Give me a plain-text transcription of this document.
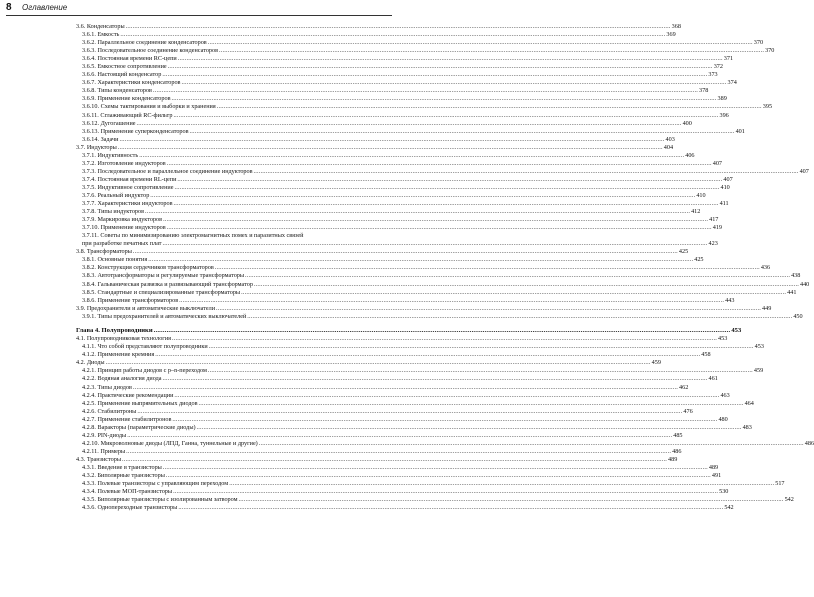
8 Оглавление
3.6. Конденсаторы .....	368
3.6.1. Емкость .....	369
3.6.2. Параллельное соединение конденсаторов .....	370
3.6.3. Последовательное соединение конденсаторов .....	370
3.6.4. Постоянная времени RC-цепи .....	371
3.6.5. Емкостное сопротивление .....	372
3.6.6. Настоящий конденсатор .....	373
3.6.7. Характеристики конденсаторов .....	374
3.6.8. Типы конденсаторов .....	378
3.6.9. Применение конденсаторов .....	389
3.6.10. Схемы тактирования и выборки и хранения .....	395
3.6.11. Сглаживающий RC-фильтр .....	396
3.6.12. Дугогашение .....	400
3.6.13. Применение суперконденсаторов .....	401
3.6.14. Задачи .....	403
3.7. Индукторы .....	404
3.7.1. Индуктивность .....	406
3.7.2. Изготовление индукторов .....	407
3.7.3. Последовательное и параллельное соединение индукторов .....	407
3.7.4. Постоянная времени RL-цепи .....	407
3.7.5. Индуктивное сопротивление .....	410
3.7.6. Реальный индуктор .....	410
3.7.7. Характеристики индукторов .....	411
3.7.8. Типы индукторов .....	412
3.7.9. Маркировка индукторов .....	417
3.7.10. Применение индукторов .....	419
3.7.11. Советы по минимизированию электромагнитных помех и паразитных связей
при разработке печатных плат .....	423
3.8. Трансформаторы .....	425
3.8.1. Основные понятия .....	425
3.8.2. Конструкция сердечников трансформаторов .....	436
3.8.3. Автотрансформаторы и регулируемые трансформаторы .....	438
3.8.4. Гальваническая развязка и развязывающий трансформатор .....	440
3.8.5. Стандартные и специализированные трансформаторы .....	441
3.8.6. Применение трансформаторов .....	443
3.9. Предохранители и автоматические выключатели .....	449
3.9.1. Типы предохранителей и автоматических выключателей .....	450
Глава 4. Полупроводники .....	453
4.1. Полупроводниковая технология .....	453
4.1.1. Что собой представляют полупроводники .....	453
4.1.2. Применение кремния .....	458
4.2. Диоды .....	459
4.2.1. Принцип работы диодов с p–n-переходом .....	459
4.2.2. Водяная аналогия диода .....	461
4.2.3. Типы диодов .....	462
4.2.4. Практические рекомендации .....	463
4.2.5. Применение выпрямительных диодов .....	464
4.2.6. Стабилитроны .....	476
4.2.7. Применение стабилитронов .....	480
4.2.8. Варакторы (параметрические диоды) .....	483
4.2.9. PIN-диоды .....	485
4.2.10. Микроволновые диоды (ЛПД, Ганна, туннельные и другие) .....	486
4.2.11. Примеры .....	486
4.3. Транзисторы .....	489
4.3.1. Введение в транзисторы .....	489
4.3.2. Биполярные транзисторы .....	491
4.3.3. Полевые транзисторы с управляющим переходом .....	517
4.3.4. Полевые МОП-транзисторы .....	530
4.3.5. Биполярные транзисторы с изолированным затвором .....	542
4.3.6. Однопереходные транзисторы .....	542
